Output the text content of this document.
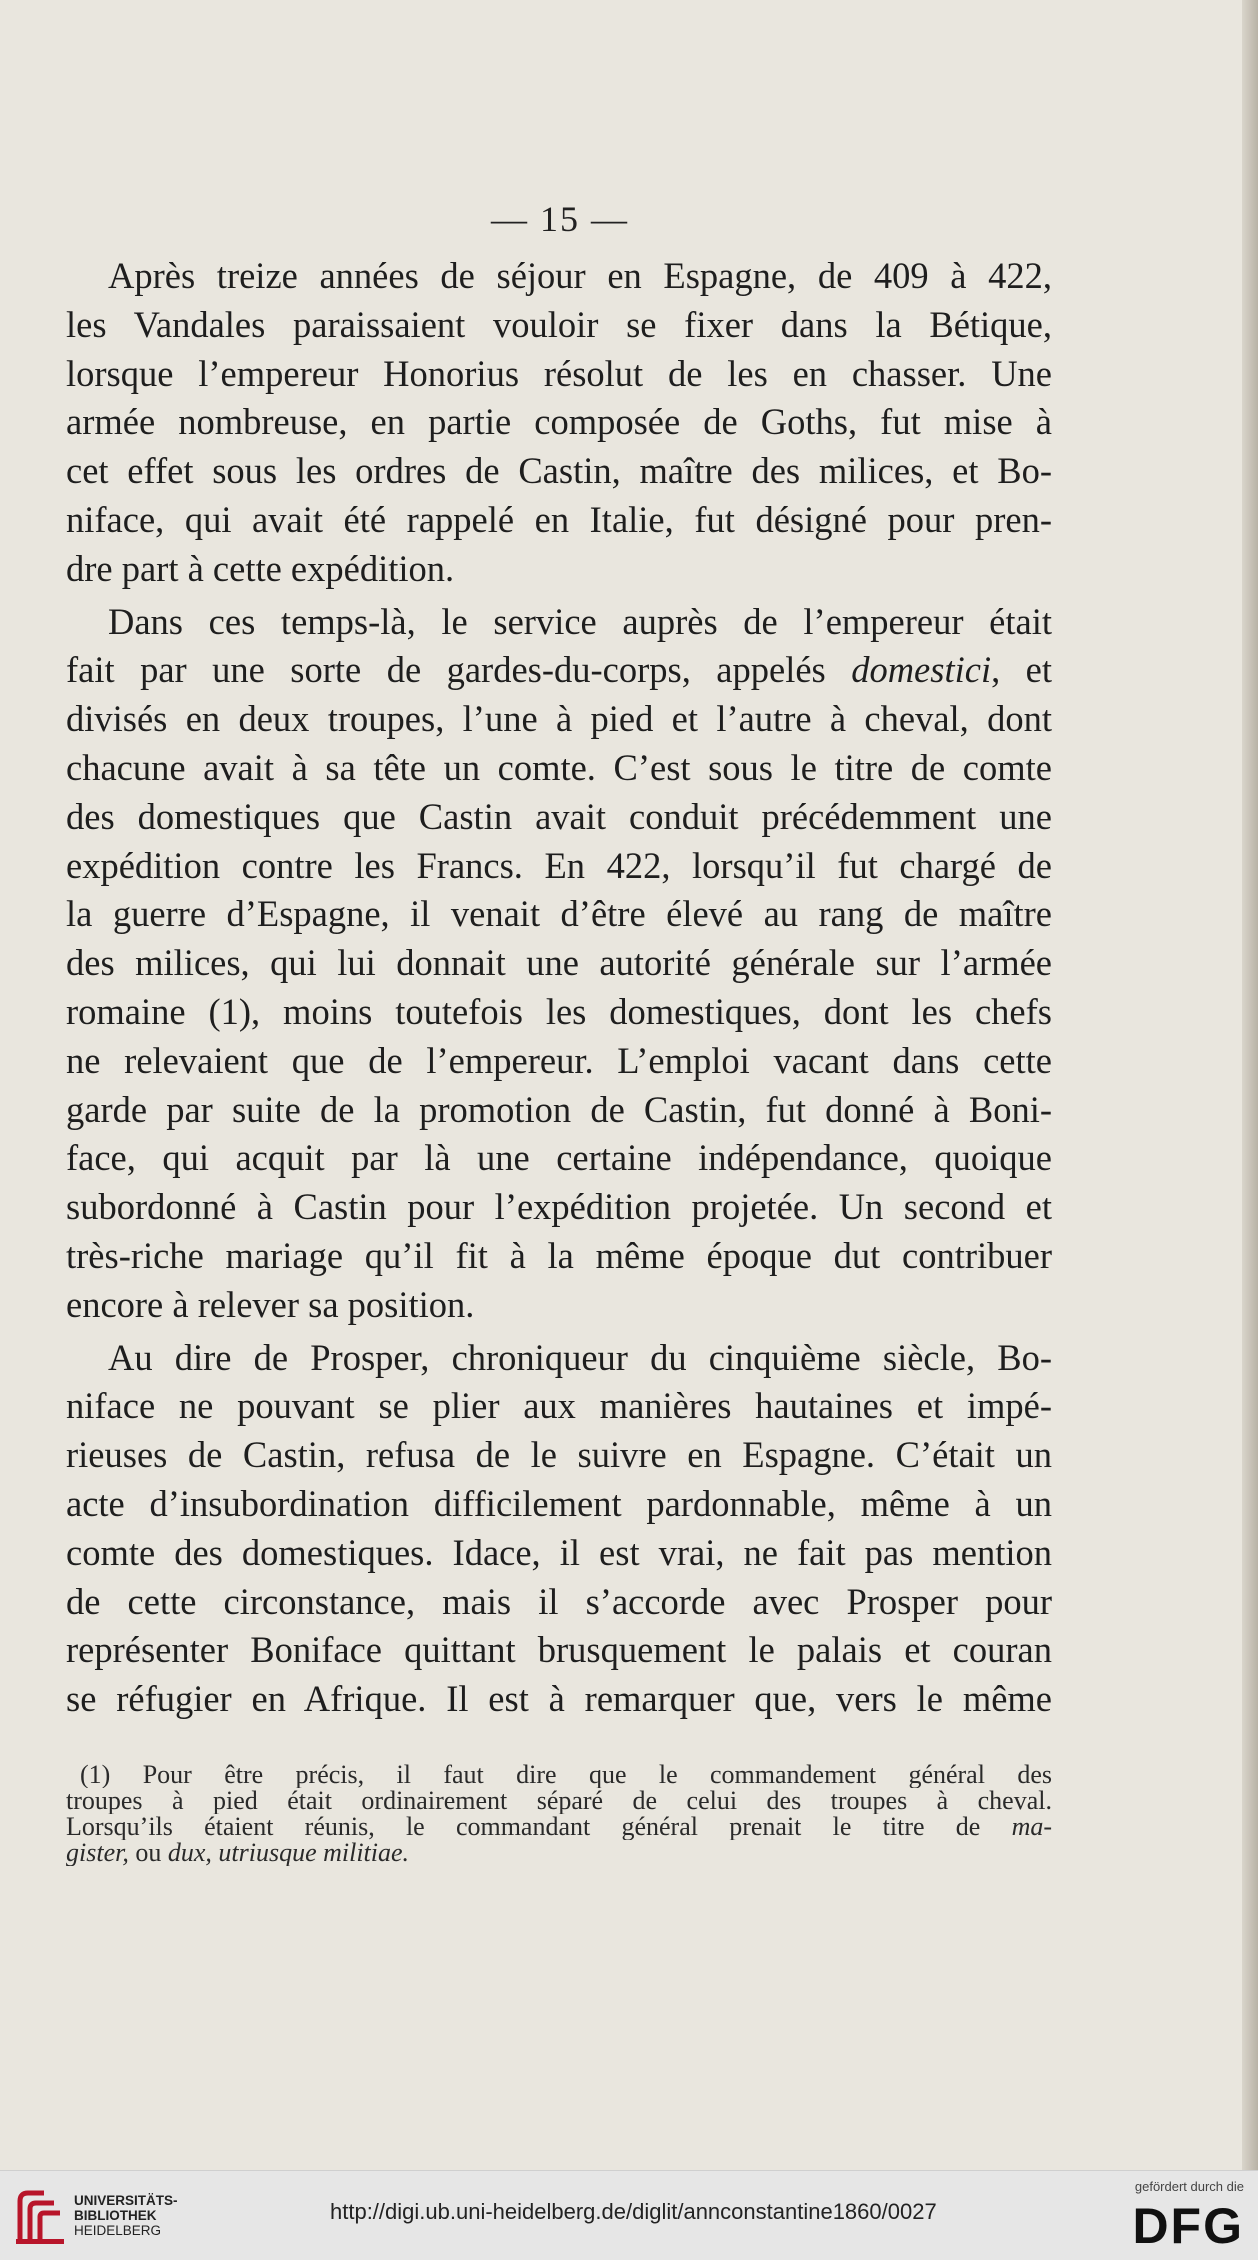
— 15 —
Après treize années de séjour en Espagne, de 409 à 422,
les Vandales paraissaient vouloir se fixer dans la Bétique,
lorsque l’empereur Honorius résolut de les en chasser. Une
armée nombreuse, en partie composée de Goths, fut mise à
cet effet sous les ordres de Castin, maître des milices, et Bo-
niface, qui avait été rappelé en Italie, fut désigné pour pren-
dre part à cette expédition.
Dans ces temps-là, le service auprès de l’empereur était
fait par une sorte de gardes-du-corps, appelés domestici, et
divisés en deux troupes, l’une à pied et l’autre à cheval, dont
chacune avait à sa tête un comte. C’est sous le titre de comte
des domestiques que Castin avait conduit précédemment une
expédition contre les Francs. En 422, lorsqu’il fut chargé de
la guerre d’Espagne, il venait d’être élevé au rang de maître
des milices, qui lui donnait une autorité générale sur l’armée
romaine (1), moins toutefois les domestiques, dont les chefs
ne relevaient que de l’empereur. L’emploi vacant dans cette
garde par suite de la promotion de Castin, fut donné à Boni-
face, qui acquit par là une certaine indépendance, quoique
subordonné à Castin pour l’expédition projetée. Un second et
très-riche mariage qu’il fit à la même époque dut contribuer
encore à relever sa position.
Au dire de Prosper, chroniqueur du cinquième siècle, Bo-
niface ne pouvant se plier aux manières hautaines et impé-
rieuses de Castin, refusa de le suivre en Espagne. C’était un
acte d’insubordination difficilement pardonnable, même à un
comte des domestiques. Idace, il est vrai, ne fait pas mention
de cette circonstance, mais il s’accorde avec Prosper pour
représenter Boniface quittant brusquement le palais et couran
se réfugier en Afrique. Il est à remarquer que, vers le même
(1) Pour être précis, il faut dire que le commandement général des
troupes à pied était ordinairement séparé de celui des troupes à cheval.
Lorsqu’ils étaient réunis, le commandant général prenait le titre de ma-
gister, ou dux, utriusque militiae.
UNIVERSITÄTS-
BIBLIOTHEK
HEIDELBERG
http://digi.ub.uni-heidelberg.de/diglit/annconstantine1860/0027
gefördert durch die
DFG
